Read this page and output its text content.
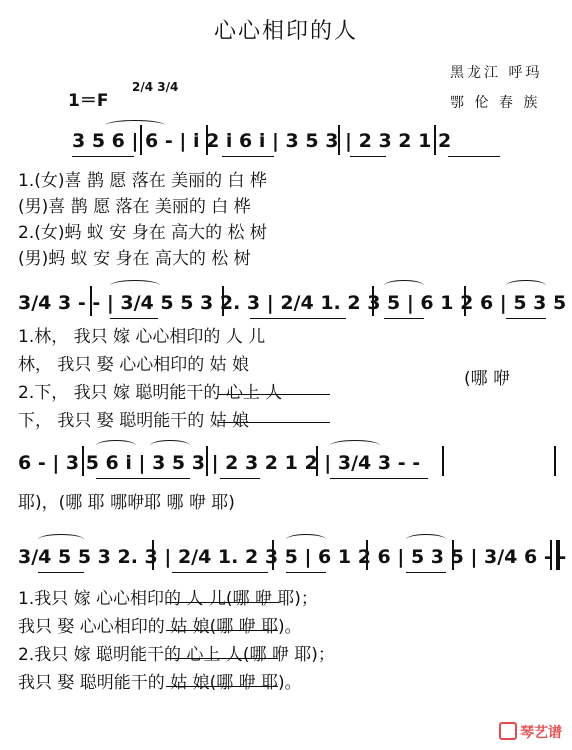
心心相印的人
黑龙江 呼玛
鄂 伦 春 族
1＝F
2/4 3/4
3 5 6 | 6 - | i 2 i 6 i | 3 5 3 | 2 3 2 1 2
1.(女)喜 鹊 愿 落在 美丽的 白 桦
(男)喜 鹊 愿 落在 美丽的 白 桦
2.(女)蚂 蚁 安 身在 高大的 松 树
(男)蚂 蚁 安 身在 高大的 松 树
3/4 3 - - | 3/4 5 5 3 2. 3 | 2/4 1. 2 3 5 | 6 1 2 6 | 5 3 5
1.林， 我只 嫁 心心相印的 人 儿
林， 我只 娶 心心相印的 姑 娘
2.下， 我只 嫁 聪明能干的 心上 人
下， 我只 娶 聪明能干的 姑 娘
(哪 咿
6 - | 3 5 6 i | 3 5 3 | 2 3 2 1 2 | 3/4 3 - -
耶)，(哪 耶 哪咿耶 哪 咿 耶)
3/4 5 5 3 2. 3 | 2/4 1. 2 3 5 | 6 1 2 6 | 5 3 5 | 3/4 6 - -
1.我只 嫁 心心相印的 人 儿(哪 咿 耶)；
我只 娶 心心相印的 姑 娘(哪 咿 耶)。
2.我只 嫁 聪明能干的 心上 人(哪 咿 耶)；
我只 娶 聪明能干的 姑 娘(哪 咿 耶)。
琴艺谱
